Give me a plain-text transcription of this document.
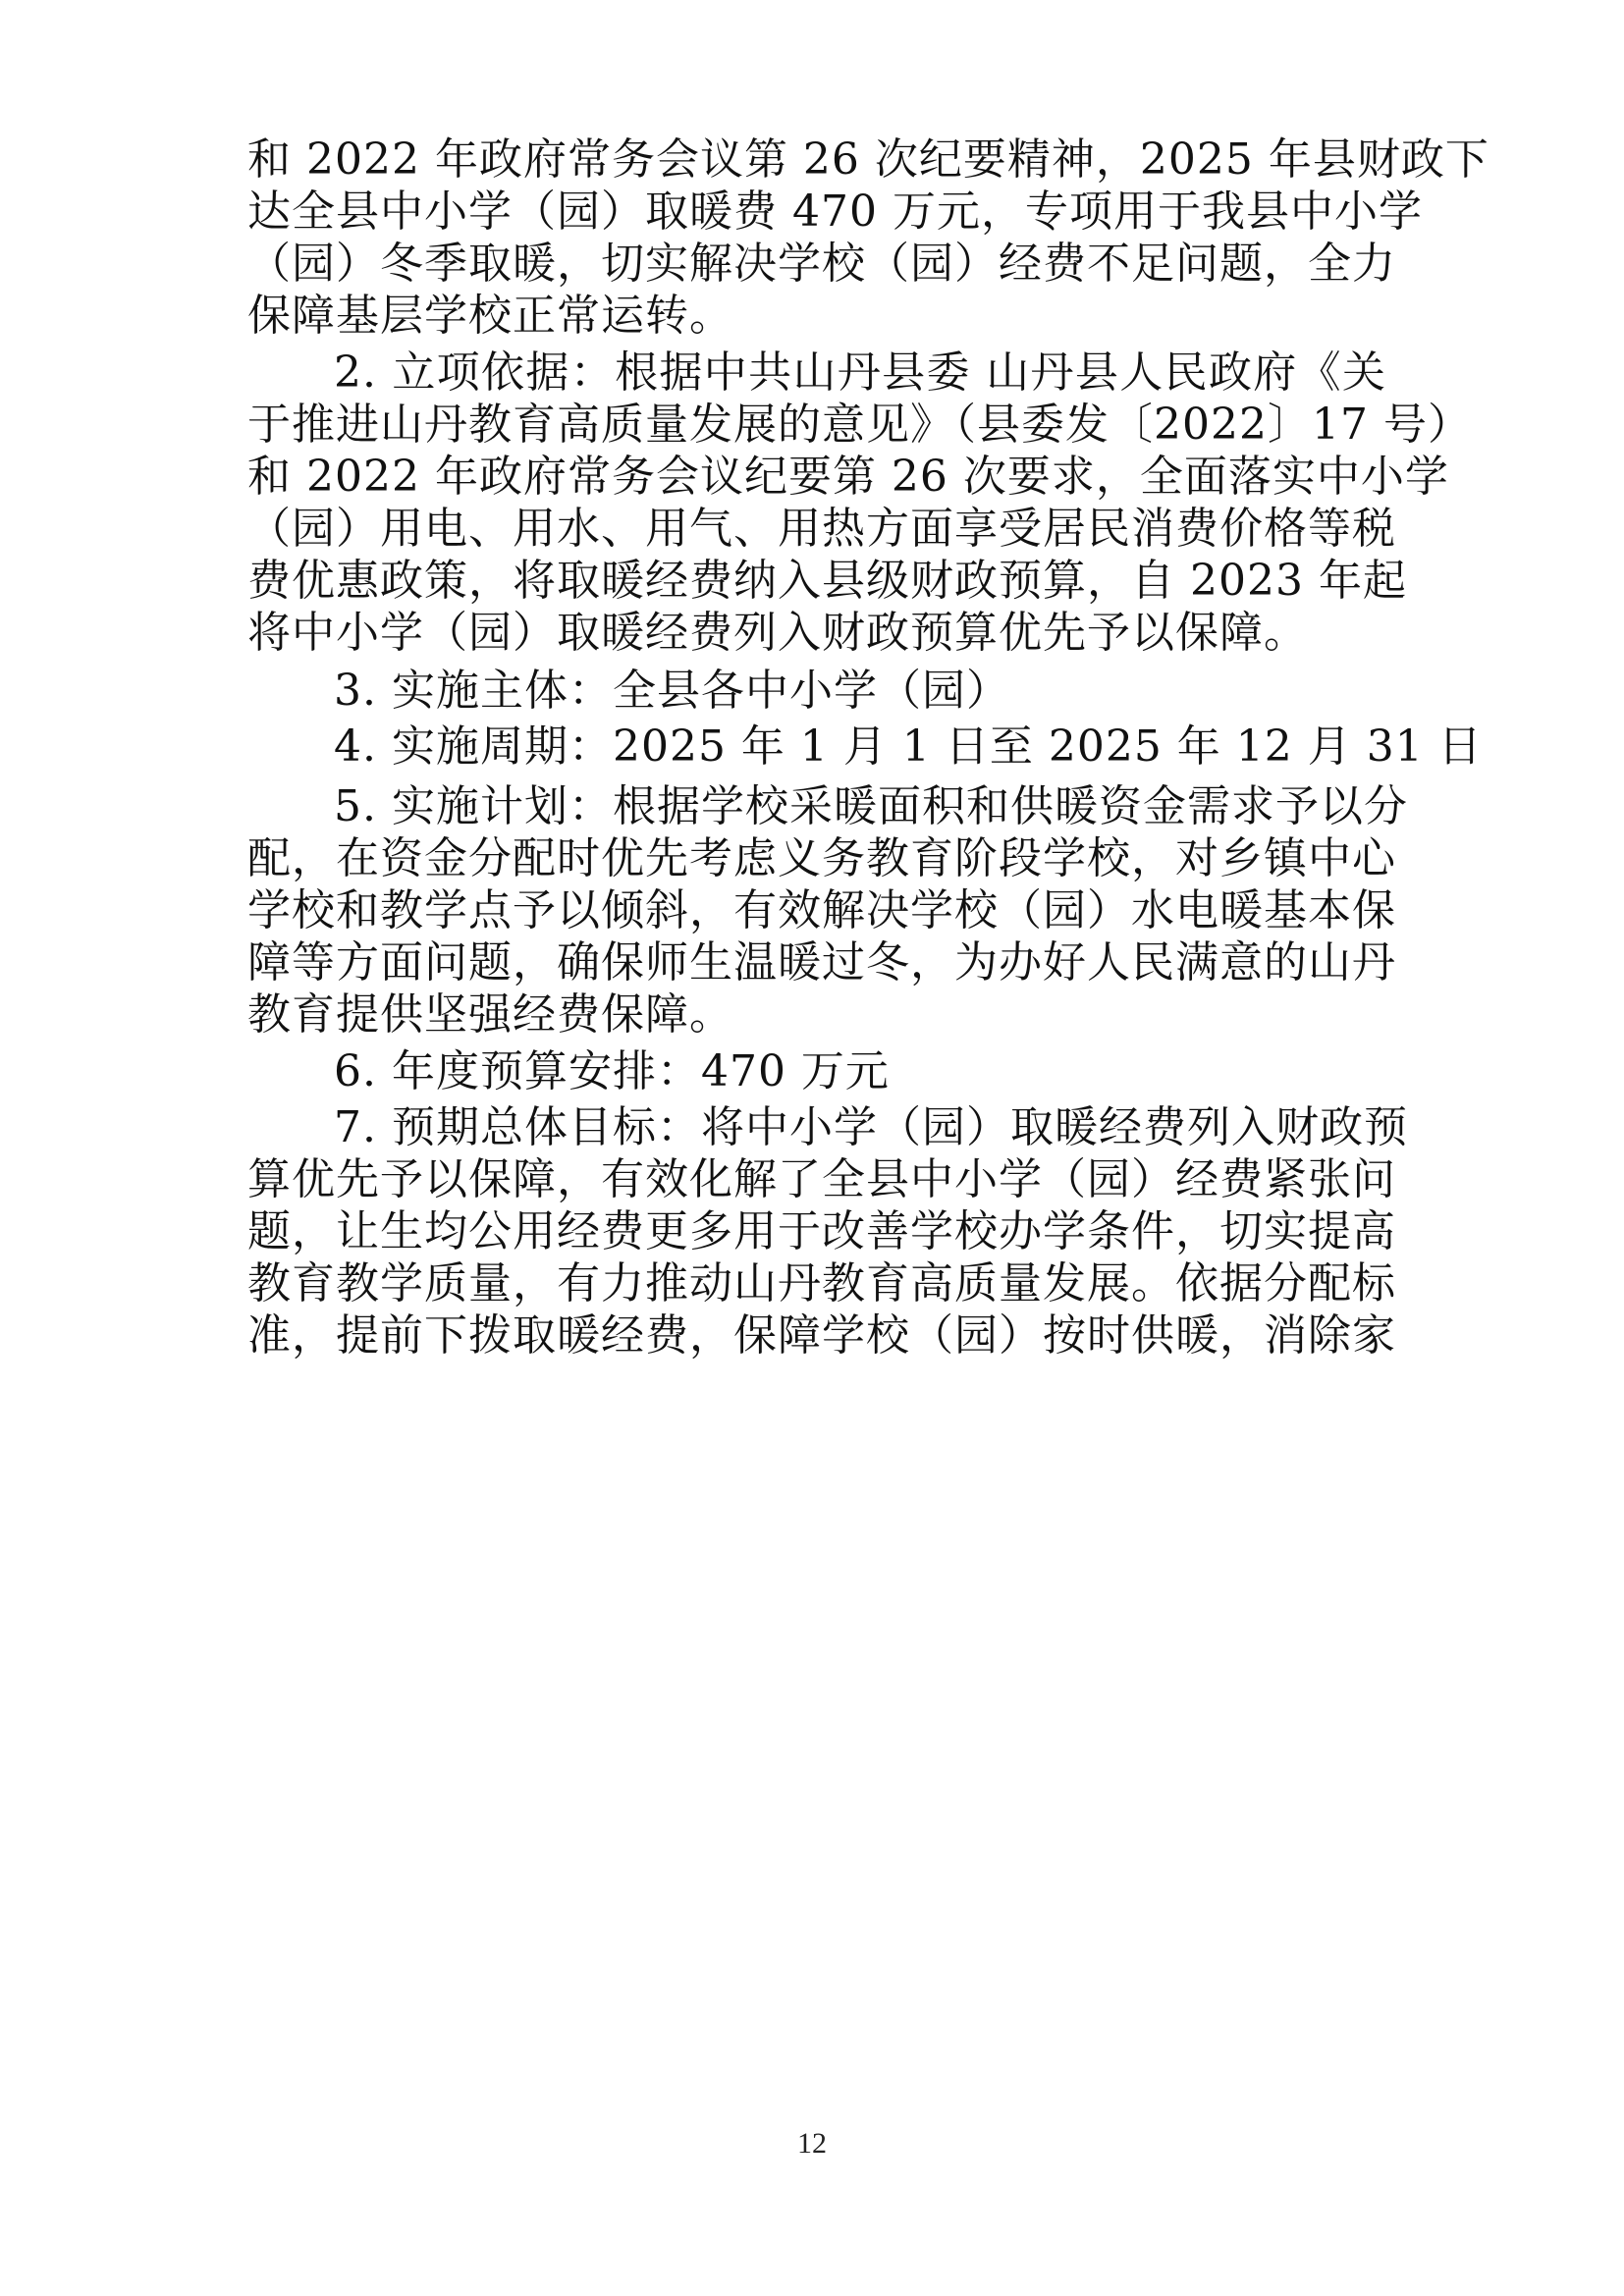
和 2022 年政府常务会议第 26 次纪要精神，2025 年县财政下
达全县中小学（园）取暖费 470 万元，专项用于我县中小学
（园）冬季取暖，切实解决学校（园）经费不足问题，全力
保障基层学校正常运转。
2. 立项依据：根据中共山丹县委 山丹县人民政府《关
于推进山丹教育高质量发展的意见》（县委发〔2022〕17 号）
和 2022 年政府常务会议纪要第 26 次要求，全面落实中小学
（园）用电、用水、用气、用热方面享受居民消费价格等税
费优惠政策，将取暖经费纳入县级财政预算，自 2023 年起
将中小学（园）取暖经费列入财政预算优先予以保障。
3. 实施主体：全县各中小学（园）
4. 实施周期：2025 年 1 月 1 日至 2025 年 12 月 31 日
5. 实施计划：根据学校采暖面积和供暖资金需求予以分
配，在资金分配时优先考虑义务教育阶段学校，对乡镇中心
学校和教学点予以倾斜，有效解决学校（园）水电暖基本保
障等方面问题，确保师生温暖过冬，为办好人民满意的山丹
教育提供坚强经费保障。
6. 年度预算安排：470 万元
7. 预期总体目标：将中小学（园）取暖经费列入财政预
算优先予以保障，有效化解了全县中小学（园）经费紧张问
题，让生均公用经费更多用于改善学校办学条件，切实提高
教育教学质量，有力推动山丹教育高质量发展。依据分配标
准，提前下拨取暖经费，保障学校（园）按时供暖，消除家
12
